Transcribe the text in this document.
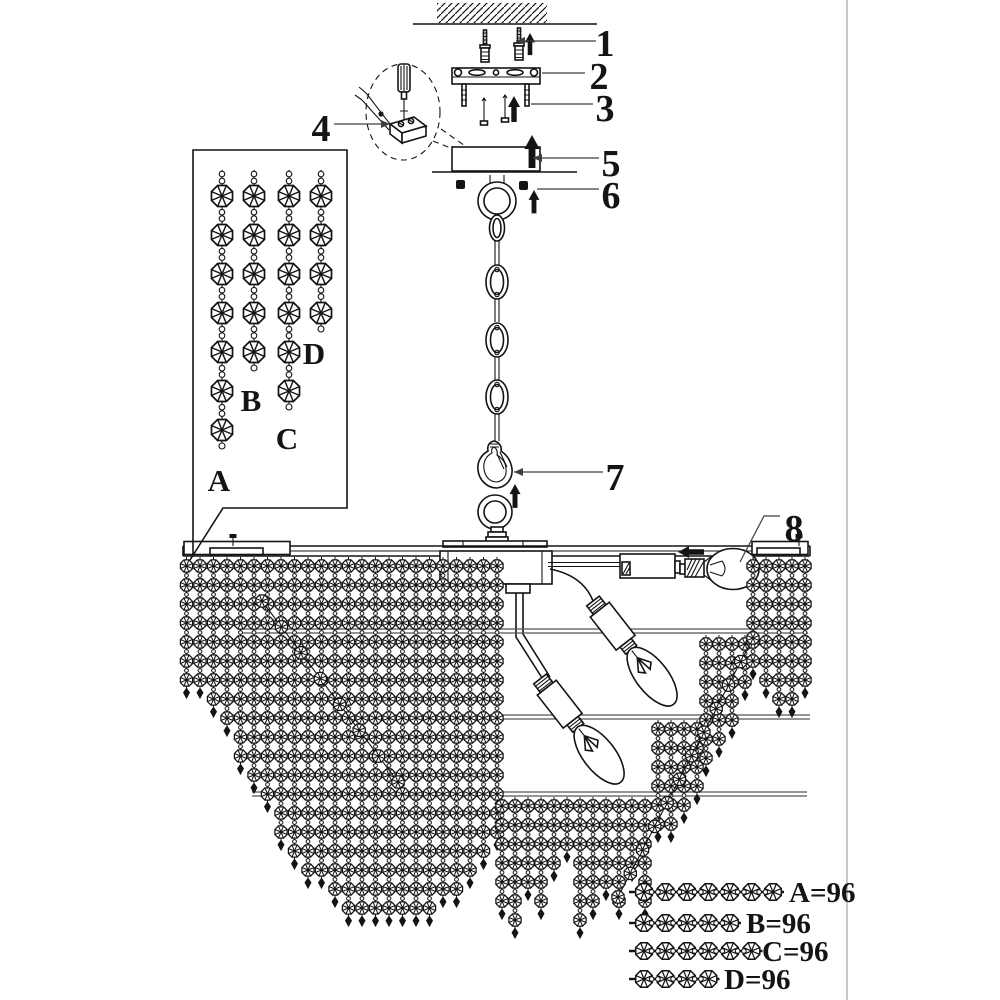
A
B
C
D
A=96
B=96
C=96
D=96
1
2
3
4
5
6
7
8
